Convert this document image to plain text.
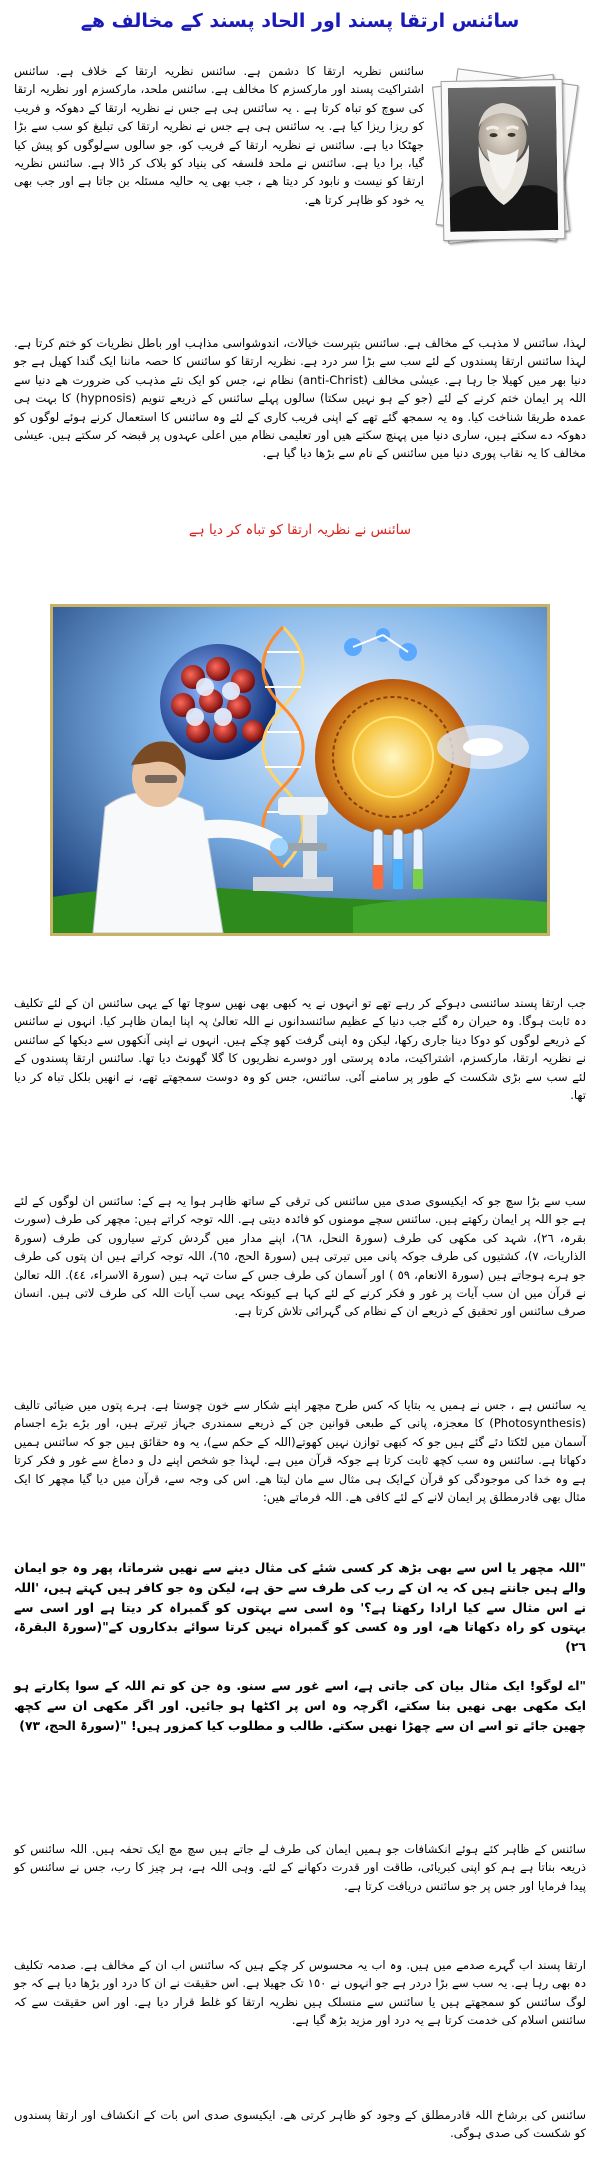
سائنس ارتقا پسند اور الحاد پسند کے مخالف ھے

سائنس نظریہ ارتقا کا دشمن ہے. سائنس نظریہ ارتقا کے خلاف ہے. سائنس اشتراکیت پسند اور مارکسزم کا مخالف ہے. سائنس ملحد، مارکسزم اور نظریہ ارتقا کی سوچ کو تباہ کرتا ہے . یہ سائنس ہی ہے جس نے نظریہ ارتقا کے دھوکہ و فریب کو ریزا ریزا کیا ہے. یہ سائنس ہی ہے جس نے نظریہ ارتقا کی تبلیغ کو سب سے بڑا جھٹکا دیا ہے. سائنس نے نظریہ ارتقا کے فریب کو، جو سالوں سےلوگوں کو پیش کیا گیا، برا دیا ہے. سائنس نے ملحد فلسفہ کی بنیاد کو بلاک کر ڈالا ہے. سائنس نظریہ ارتقا کو نیست و نابود کر دیتا ھے ، جب بھی یہ حالیہ مسئلہ بن جاتا ہے اور جب بھی یہ خود کو ظاہر کرتا ھے.

لہذا، سائنس لا مذہب کے مخالف ہے. سائنس بتپرست خیالات، اندوشواسی مذاہب اور باطل نظریات کو ختم کرتا ہے. لہذا سائنس ارتقا پسندوں کے لئے سب سے بڑا سر درد ہے. نظریہ ارتقا کو سائنس کا حصہ ماننا ایک گندا کھیل ہے جو دنیا بھر میں کھیلا جا رہا ہے. عیسٰی مخالف (anti-Christ) نظام نے، جس کو ایک نئے مذہب کی ضرورت ھے دنیا سے اللہ پر ایمان ختم کرنے کے لئے (جو کے ہو نہیں سکتا) سالوں پہلے سائنس کے ذریعے تنویم (hypnosis) کا بہت ہی عمدہ طریقا شناخت کیا. وہ یہ سمجھ گئے تھے کے اپنی فریب کاری کے لئے وہ سائنس کا استعمال کرنے ہوئے لوگوں کو دھوکہ دے سکتے ہیں، ساری دنیا میں پہنچ سکتے ھیں اور تعلیمی نظام میں اعلی عہدوں پر قبضہ کر سکتے ہیں. عیسٰی مخالف کا یہ نقاب پوری دنیا میں سائنس کے نام سے بڑھا دیا گیا ہے.

سائنس نے نظریہ ارتقا کو تباہ کر دیا ہے

جب ارتقا پسند سائنسی دہوکے کر رہے تھے تو انہوں نے یہ کبھی بھی نھیں سوچا تھا کے یہی سائنس ان کے لئے تکلیف دہ ثابت ہوگا. وہ حیران رہ گئے جب دنیا کے عظیم سائنسدانوں نے اللہ تعالیٰ پہ اپنا ایمان ظاہر کیا. انہوں نے سائنس کے ذریعے لوگوں کو دوکا دینا جاری رکھا، لیکن وہ اپنی گرفت کھو چکے ہیں. انہوں نے اپنی آنکھوں سے دیکھا کے سائنس نے نظریہ ارتقا، مارکسزم، اشتراکیت، مادہ پرستی اور دوسرے نظریوں کا گلا گھونٹ دیا تھا. سائنس ارتقا پسندوں کے لئے سب سے بڑی شکست کے طور پر سامنے آئی. سائنس، جس کو وہ دوست سمجھتے تھے، نے انھیں بلکل تباہ کر دیا تھا.

سب سے بڑا سچ جو کہ ایکیسوی صدی میں سائنس کی ترقی کے ساتھ ظاہر ہوا یہ ہے کے: سائنس ان لوگوں کے لئے ہے جو اللہ پر ایمان رکھتے ہیں. سائنس سچے مومنوں کو فائدہ دیتی ہے. اللہ توجہ کراتے ہیں: مچھر کی طرف (سورت بقرہ، ٢٦)، شہد کی مکھی کی طرف (سورۃ النحل، ٦٨)، اپنے مدار میں گردش کرتے سیاروں کی طرف (سورۃ الذاریات، ٧)، کشتیوں کی طرف جوکہ پانی میں تیرتی ہیں (سورۃ الحج، ٦٥)، اللہ توجہ کراتے ہیں ان پتوں کی طرف جو ہرے ہوجاتے ہیں (سورۃ الانعام، ٥٩ ) اور آسمان کی طرف جس کے سات تہہ ہیں (سورۃ الاسراء، ٤٤). اللہ تعالیٰ نے قرآن میں ان سب آیات پر غور و فکر کرنے کے لئے کہا ہے کیونکہ یہی سب آیات اللہ کی طرف لاتی ہیں. انسان صرف سائنس اور تحقیق کے ذریعے ان کے نظام کی گہرائی تلاش کرتا ہے.

یہ سائنس ہے ، جس نے ہمیں یہ بتایا کہ کس طرح مچھر اپنے شکار سے خون چوستا ہے. ہرے پتوں میں ضیائی تالیف (Photosynthesis) کا معجزہ، پانی کے طبعی قوانین جن کے ذریعے سمندری جہاز تیرتے ہیں، اور بڑے بڑے اجسام آسمان میں لٹکتا دئے گئے ہیں جو کہ کبھی توازن نہیں کھوتے(اللہ کے حکم سے)، یہ وہ حقائق ہیں جو کہ سائنس ہمیں دکھاتا ہے. سائنس وہ سب کچھ ثابت کرتا ہے جوکہ قرآن میں ہے. لہذا جو شخص اپنے دل و دماغ سے غور و فکر کرتا ہے وہ خدا کی موجودگی کو قرآن کےایک ہی مثال سے مان لیتا ھے. اس کی وجہ سے، قرآن میں دیا گیا مچھر کا ایک مثال بھی قادرمطلق پر ایمان لانے کے لئے کافی ھے. اللہ فرماتے ھیں:

"اللہ مچھر یا اس سے بھی بڑھ کر کسی شئے کی مثال دینے سے نھیں شرماتا، پھر وہ جو ایمان والے ہیں جانتے ہیں کہ یہ ان کے رب کی طرف سے حق ہے، لیکن وہ جو کافر ہیں کہتے ہیں، 'اللہ نے اس مثال سے کیا ارادا رکھتا ہے؟' وہ اسی سے بہتوں کو گمبراہ کر دیتا ہے اور اسی سے بہتوں کو راہ دکھاتا ھے، اور وہ کسی کو گمبراہ نہیں کرتا سوائے بدکاروں کے"(سورۃ البقرۃ، ٢٦)

"اے لوگو! ایک مثال بیان کی جاتی ہے، اسے غور سے سنو. وہ جن کو تم اللہ کے سوا پکارتے ہو ایک مکھی بھی نھیں بنا سکتے، اگرچہ وہ اس پر اکٹھا ہو جائیں. اور اگر مکھی ان سے کچھ چھین جائے تو اسے ان سے چھڑا نھیں سکتے. طالب و مطلوب کیا کمزور ہیں! "(سورۃ الحج، ٧٣)

سائنس کے ظاہر کئے ہوئے انکشافات جو ہمیں ایمان کی طرف لے جاتے ہیں سچ مچ ایک تحفہ ہیں. اللہ سائنس کو ذریعہ بناتا ہے ہم کو اپنی کبریائی، طاقت اور قدرت دکھانے کے لئے. وہی اللہ ہے، ہر چیز کا رب، جس نے سائنس کو پیدا فرمایا اور جس پر جو سائنس دریافت کرتا ہے.

ارتقا پسند اب گہرے صدمے میں ہیں. وہ اب یہ محسوس کر چکے ہیں کہ سائنس اب ان کے مخالف ہے. صدمہ تکلیف دہ بھی رہا ہے. یہ سب سے بڑا دردر ہے جو انہوں نے ١٥٠ تک جھیلا ہے. اس حقیقت نے ان کا درد اور بڑھا دیا ہے کہ جو لوگ سائنس کو سمجھتے ہیں یا سائنس سے منسلک ہیں نظریہ ارتقا کو غلط قرار دیا ہے. اور اس حقیقت سے کہ سائنس اسلام کی خدمت کرتا ہے یہ درد اور مزید بڑھ گیا ہے.

سائنس کی برشاخ اللہ قادرمطلق کے وجود کو ظاہر کرتی ھے. ایکیسوی صدی اس بات کے انکشاف اور ارتقا پسندوں کو شکست کی صدی ہوگی.
